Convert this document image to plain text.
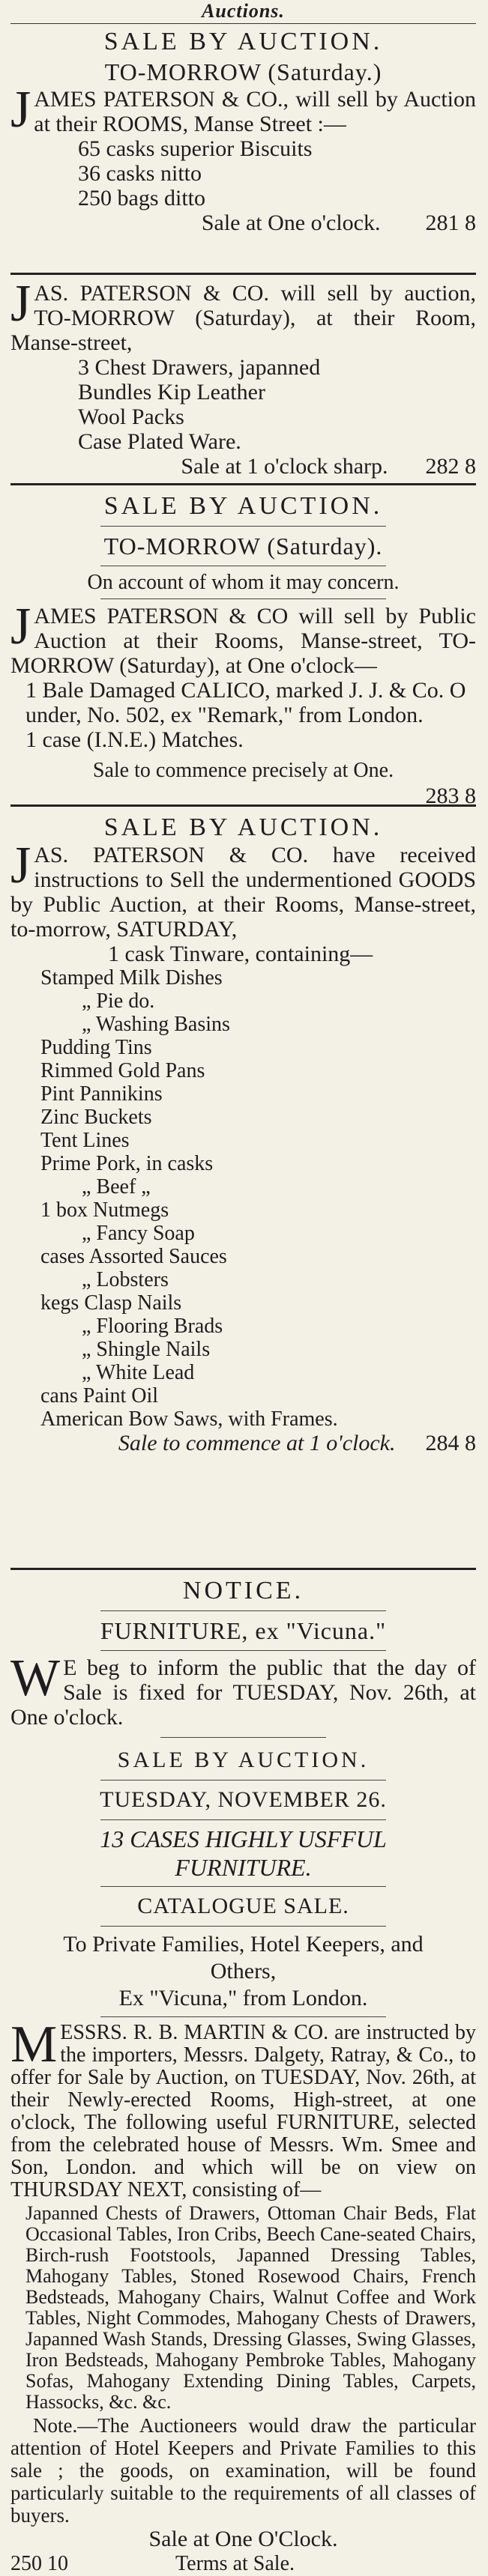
Auctions.
SALE BY AUCTION.
TO-MORROW (Saturday.)

JAMES PATERSON & CO., will sell by Auction at their ROOMS, Manse Street :—

65 casks superior Biscuits
36 casks nitto
250 bags ditto
Sale at One o'clock. 281 8

JAS. PATERSON & CO. will sell by auction, TO-MORROW (Saturday), at their Room, Manse-street,

3 Chest Drawers, japanned
Bundles Kip Leather
Wool Packs
Case Plated Ware.
Sale at 1 o'clock sharp. 282 8
SALE BY AUCTION.
TO-MORROW (Saturday).
On account of whom it may concern.

JAMES PATERSON & CO will sell by Public Auction at their Rooms, Manse-street, TO-MORROW (Saturday), at One o'clock—

1 Bale Damaged CALICO, marked J. J. & Co. O under, No. 502, ex "Remark," from London.
1 case (I.N.E.) Matches.
Sale to commence precisely at One.
283 8
SALE BY AUCTION.

JAS. PATERSON & CO. have received instructions to Sell the undermentioned GOODS by Public Auction, at their Rooms, Manse-street, to-morrow, SATURDAY,

1 cask Tinware, containing—
Stamped Milk Dishes
„ Pie do.
„ Washing Basins
Pudding Tins
Rimmed Gold Pans
Pint Pannikins
Zinc Buckets
Tent Lines
Prime Pork, in casks
„ Beef „
1 box Nutmegs
„ Fancy Soap
cases Assorted Sauces
„ Lobsters
kegs Clasp Nails
„ Flooring Brads
„ Shingle Nails
„ White Lead
cans Paint Oil
American Bow Saws, with Frames.
Sale to commence at 1 o'clock. 284 8
NOTICE.
FURNITURE, ex "Vicuna."

W E beg to inform the public that the day of Sale is fixed for TUESDAY, Nov. 26th, at One o'clock.

SALE BY AUCTION.
TUESDAY, NOVEMBER 26.
13 CASES HIGHLY USFFUL FURNITURE.
CATALOGUE SALE.
To Private Families, Hotel Keepers, and Others,
Ex "Vicuna," from London.

MESSRS. R. B. MARTIN & CO. are instructed by the importers, Messrs. Dalgety, Ratray, & Co., to offer for Sale by Auction, on TUESDAY, Nov. 26th, at their Newly-erected Rooms, High-street, at one o'clock, The following useful FURNITURE, selected from the celebrated house of Messrs. Wm. Smee and Son, London. and which will be on view on THURSDAY NEXT, consisting of—

Japanned Chests of Drawers, Ottoman Chair Beds, Flat Occasional Tables, Iron Cribs, Beech Cane-seated Chairs, Birch-rush Footstools, Japanned Dressing Tables, Mahogany Tables, Stoned Rosewood Chairs, French Bedsteads, Mahogany Chairs, Walnut Coffee and Work Tables, Night Commodes, Mahogany Chests of Drawers, Japanned Wash Stands, Dressing Glasses, Swing Glasses, Iron Bedsteads, Mahogany Pembroke Tables, Mahogany Sofas, Mahogany Extending Dining Tables, Carpets, Hassocks, &c. &c.

Note.—The Auctioneers would draw the particular attention of Hotel Keepers and Private Families to this sale ; the goods, on examination, will be found particularly suitable to the requirements of all classes of buyers.

Sale at One O'Clock.
250 10	Terms at Sale.
